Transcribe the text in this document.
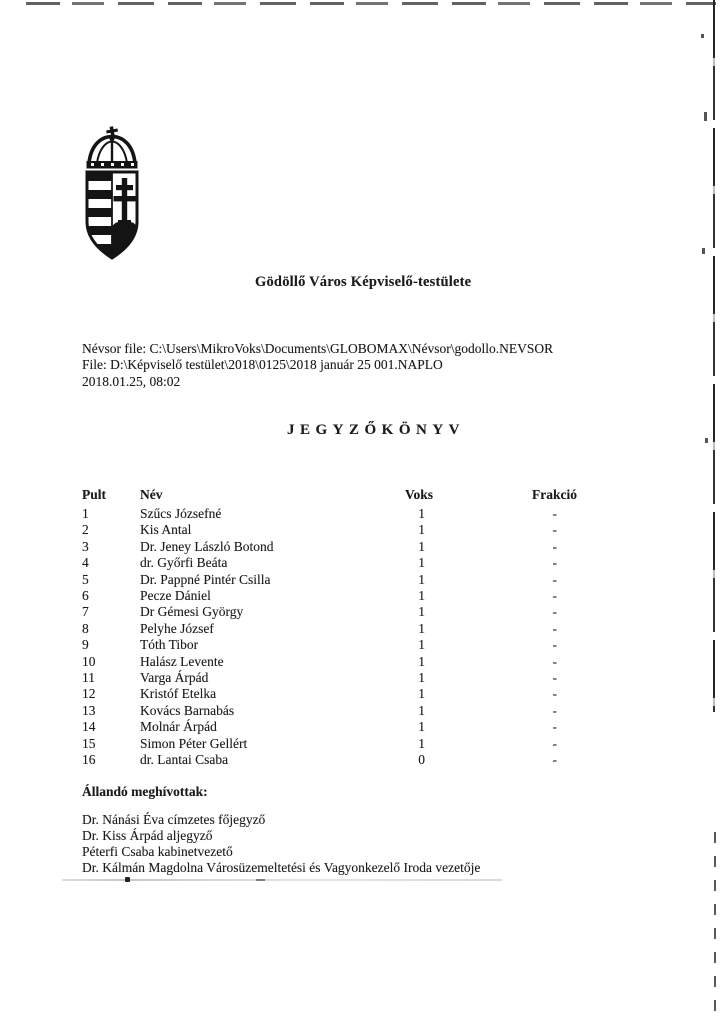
Gödöllő Város Képviselő-testülete
Névsor file: C:\Users\MikroVoks\Documents\GLOBOMAX\Névsor\godollo.NEVSOR
File: D:\Képviselő testület\2018\0125\2018 január 25 001.NAPLO
2018.01.25, 08:02
JEGYZŐKÖNYV
Pult	Név	Voks	Frakció
1	Szűcs Józsefné	1	-
2	Kis Antal	1	-
3	Dr. Jeney László Botond	1	-
4	dr. Győrfi Beáta	1	-
5	Dr. Pappné Pintér Csilla	1	-
6	Pecze Dániel	1	-
7	Dr Gémesi György	1	-
8	Pelyhe József	1	-
9	Tóth Tibor	1	-
10	Halász Levente	1	-
11	Varga Árpád	1	-
12	Kristóf Etelka	1	-
13	Kovács Barnabás	1	-
14	Molnár Árpád	1	-
15	Simon Péter Gellért	1	-
16	dr. Lantai Csaba	0	-
Állandó meghívottak:
Dr. Nánási Éva címzetes főjegyző
Dr. Kiss Árpád aljegyző
Péterfi Csaba kabinetvezető
Dr. Kálmán Magdolna Városüzemeltetési és Vagyonkezelő Iroda vezetője
